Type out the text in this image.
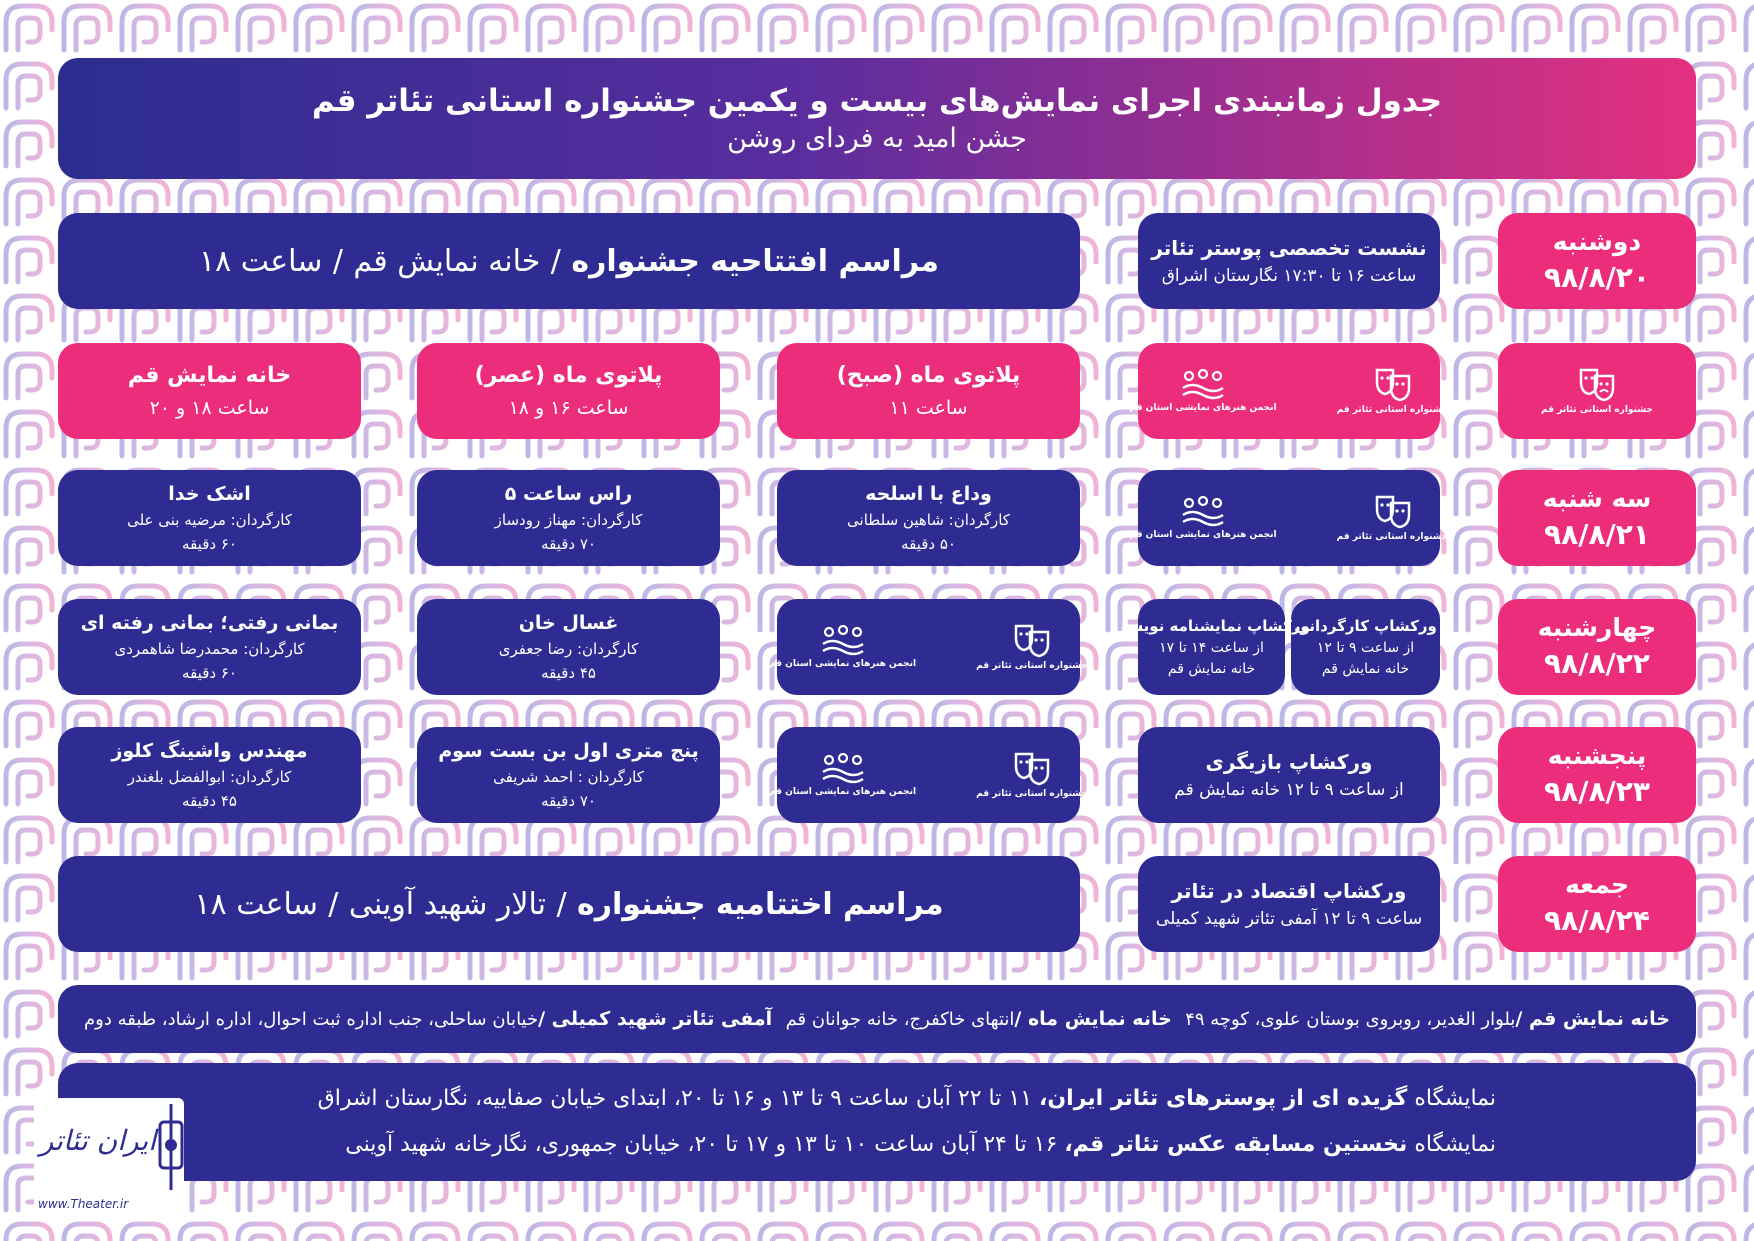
جدول زمانبندی اجرای نمایش‌های بیست و یکمین جشنواره استانی تئاتر قم
جشن امید به فردای روشن
دوشنبه
۹۸/۸/۲۰
جشنواره استانی تئاتر قم
سه شنبه
۹۸/۸/۲۱
چهارشنبه
۹۸/۸/۲۲
پنجشنبه
۹۸/۸/۲۳
جمعه
۹۸/۸/۲۴
نشست تخصصی پوستر تئاتر
ساعت ۱۶ تا ۱۷:۳۰ نگارستان اشراق
جشنواره استانی تئاتر قم
انجمن هنرهای نمایشی استان قم
جشنواره استانی تئاتر قم
انجمن هنرهای نمایشی استان قم
ورکشاپ کارگردانی
از ساعت ۹ تا ۱۲
خانه نمایش قم
ورکشاپ نمایشنامه نویسی
از ساعت ۱۴ تا ۱۷
خانه نمایش قم
ورکشاپ بازیگری
از ساعت ۹ تا ۱۲ خانه نمایش قم
ورکشاپ اقتصاد در تئاتر
ساعت ۹ تا ۱۲ آمفی تئاتر شهید کمیلی
مراسم افتتاحیه جشنواره / خانه نمایش قم / ساعت ۱۸
پلاتوی ماه (صبح)
ساعت ۱۱
پلاتوی ماه (عصر)
ساعت ۱۶ و ۱۸
خانه نمایش قم
ساعت ۱۸ و ۲۰
وداع با اسلحه
کارگردان: شاهین سلطانی
۵۰ دقیقه
راس ساعت ۵
کارگردان: مهناز رودساز
۷۰ دقیقه
اشک خدا
کارگردان: مرضیه بنی علی
۶۰ دقیقه
جشنواره استانی تئاتر قم
انجمن هنرهای نمایشی استان قم
غسال خان
کارگردان: رضا جعفری
۴۵ دقیقه
بمانی رفتی؛ بمانی رفته ای
کارگردان: محمدرضا شاهمردی
۶۰ دقیقه
جشنواره استانی تئاتر قم
انجمن هنرهای نمایشی استان قم
پنج متری اول بن بست سوم
کارگردان : احمد شریفی
۷۰ دقیقه
مهندس واشینگ کلوز
کارگردان: ابوالفضل بلغندر
۴۵ دقیقه
مراسم اختتامیه جشنواره / تالار شهید آوینی / ساعت ۱۸
خانه نمایش قم /بلوار الغدیر، روبروی بوستان علوی، کوچه ۴۹
خانه نمایش ماه /انتهای خاکفرج، خانه جوانان قم
آمفی تئاتر شهید کمیلی /خیابان ساحلی، جنب اداره ثبت احوال، اداره ارشاد، طبقه دوم
نمایشگاه گزیده ای از پوسترهای تئاتر ایران، ۱۱ تا ۲۲ آبان ساعت ۹ تا ۱۳ و ۱۶ تا ۲۰، ابتدای خیابان صفاییه، نگارستان اشراق
نمایشگاه نخستین مسابقه عکس تئاتر قم، ۱۶ تا ۲۴ آبان ساعت ۱۰ تا ۱۳ و ۱۷ تا ۲۰، خیابان جمهوری، نگارخانه شهید آوینی
ایران تئاتر
www.Theater.ir
